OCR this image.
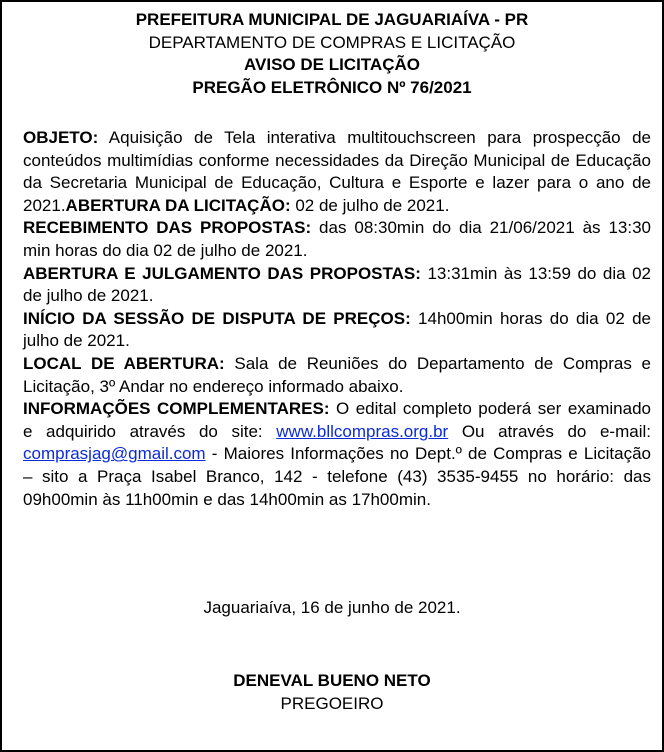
PREFEITURA MUNICIPAL DE JAGUARIAÍVA - PR
DEPARTAMENTO DE COMPRAS E LICITAÇÃO
AVISO DE LICITAÇÃO
PREGÃO ELETRÔNICO Nº 76/2021

OBJETO: Aquisição de Tela interativa multitouchscreen para prospecção de conteúdos multimídias conforme necessidades da Direção Municipal de Educação da Secretaria Municipal de Educação, Cultura e Esporte e lazer para o ano de 2021.ABERTURA DA LICITAÇÃO: 02 de julho de 2021.

RECEBIMENTO DAS PROPOSTAS: das 08:30min do dia 21/06/2021 às 13:30 min horas do dia 02 de julho de 2021.

ABERTURA E JULGAMENTO DAS PROPOSTAS: 13:31min às 13:59 do dia 02 de julho de 2021.

INÍCIO DA SESSÃO DE DISPUTA DE PREÇOS: 14h00min horas do dia 02 de julho de 2021.

LOCAL DE ABERTURA: Sala de Reuniões do Departamento de Compras e Licitação, 3º Andar no endereço informado abaixo.

INFORMAÇÕES COMPLEMENTARES: O edital completo poderá ser examinado e adquirido através do site: www.bllcompras.org.br Ou através do e-mail: comprasjag@gmail.com - Maiores Informações no Dept.º de Compras e Licitação – sito a Praça Isabel Branco, 142 - telefone (43) 3535-9455 no horário: das 09h00min às 11h00min e das 14h00min as 17h00min.

Jaguariaíva, 16 de junho de 2021.
DENEVAL BUENO NETO
PREGOEIRO
